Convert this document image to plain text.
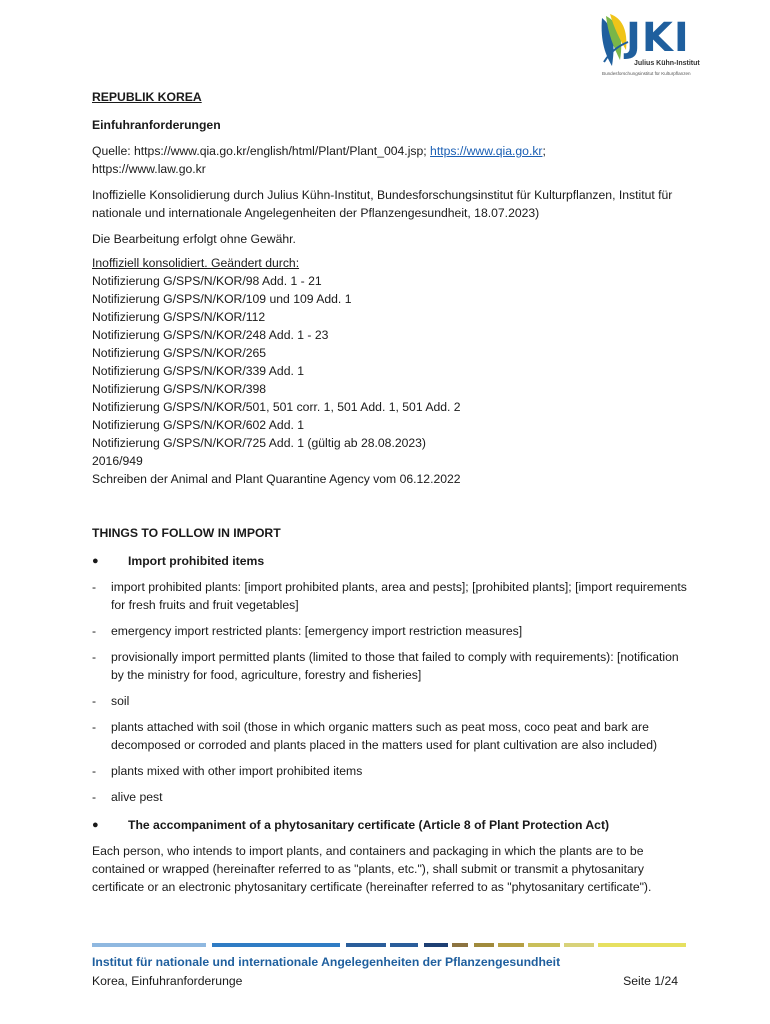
JKI
Julius Kühn-Institut
Bundesforschungsinstitut für Kulturpflanzen
REPUBLIK KOREA
Einfuhranforderungen

Quelle: https://www.qia.go.kr/english/html/Plant/Plant_004.jsp; https://www.qia.go.kr;
https://www.law.go.kr

Inoffizielle Konsolidierung durch Julius Kühn-Institut, Bundesforschungsinstitut für Kulturpflanzen, Institut für nationale und internationale Angelegenheiten der Pflanzengesundheit, 18.07.2023)

Die Bearbeitung erfolgt ohne Gewähr.

Inoffiziell konsolidiert. Geändert durch:
Notifizierung G/SPS/N/KOR/98 Add. 1 - 21
Notifizierung G/SPS/N/KOR/109 und 109 Add. 1
Notifizierung G/SPS/N/KOR/112
Notifizierung G/SPS/N/KOR/248 Add. 1 - 23
Notifizierung G/SPS/N/KOR/265
Notifizierung G/SPS/N/KOR/339 Add. 1
Notifizierung G/SPS/N/KOR/398
Notifizierung G/SPS/N/KOR/501, 501 corr. 1, 501 Add. 1, 501 Add. 2
Notifizierung G/SPS/N/KOR/602 Add. 1
Notifizierung G/SPS/N/KOR/725 Add. 1 (gültig ab 28.08.2023)
2016/949
Schreiben der Animal and Plant Quarantine Agency vom 06.12.2022
THINGS TO FOLLOW IN IMPORT
● Import prohibited items
- import prohibited plants: [import prohibited plants, area and pests]; [prohibited plants]; [import requirements for fresh fruits and fruit vegetables]
- emergency import restricted plants: [emergency import restriction measures]
- provisionally import permitted plants (limited to those that failed to comply with requirements): [notification by the ministry for food, agriculture, forestry and fisheries]
- soil
- plants attached with soil (those in which organic matters such as peat moss, coco peat and bark are decomposed or corroded and plants placed in the matters used for plant cultivation are also included)
- plants mixed with other import prohibited items
- alive pest
● The accompaniment of a phytosanitary certificate (Article 8 of Plant Protection Act)

Each person, who intends to import plants, and containers and packaging in which the plants are to be contained or wrapped (hereinafter referred to as "plants, etc."), shall submit or transmit a phytosanitary certificate or an electronic phytosanitary certificate (hereinafter referred to as "phytosanitary certificate").

Institut für nationale und internationale Angelegenheiten der Pflanzengesundheit
Korea, Einfuhranforderunge	Seite 1/24
